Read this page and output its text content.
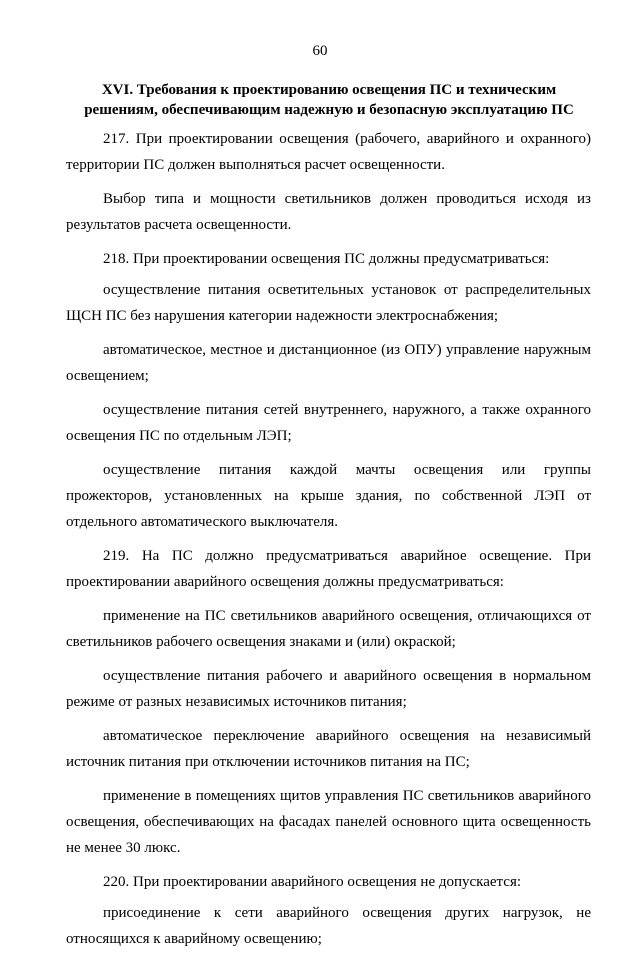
60
XVI. Требования к проектированию освещения ПС и техническим
решениям, обеспечивающим надежную и безопасную эксплуатацию ПС

217. При проектировании освещения (рабочего, аварийного и охранного) территории ПС должен выполняться расчет освещенности.

Выбор типа и мощности светильников должен проводиться исходя из результатов расчета освещенности.

218. При проектировании освещения ПС должны предусматриваться:

осуществление питания осветительных установок от распределительных ЩСН ПС без нарушения категории надежности электроснабжения;

автоматическое, местное и дистанционное (из ОПУ) управление наружным освещением;

осуществление питания сетей внутреннего, наружного, а также охранного освещения ПС по отдельным ЛЭП;

осуществление питания каждой мачты освещения или группы прожекторов, установленных на крыше здания, по собственной ЛЭП от отдельного автоматического выключателя.

219. На ПС должно предусматриваться аварийное освещение. При проектировании аварийного освещения должны предусматриваться:

применение на ПС светильников аварийного освещения, отличающихся от светильников рабочего освещения знаками и (или) окраской;

осуществление питания рабочего и аварийного освещения в нормальном режиме от разных независимых источников питания;

автоматическое переключение аварийного освещения на независимый источник питания при отключении источников питания на ПС;

применение в помещениях щитов управления ПС светильников аварийного освещения, обеспечивающих на фасадах панелей основного щита освещенность не менее 30 люкс.

220. При проектировании аварийного освещения не допускается:

присоединение к сети аварийного освещения других нагрузок, не относящихся к аварийному освещению;
